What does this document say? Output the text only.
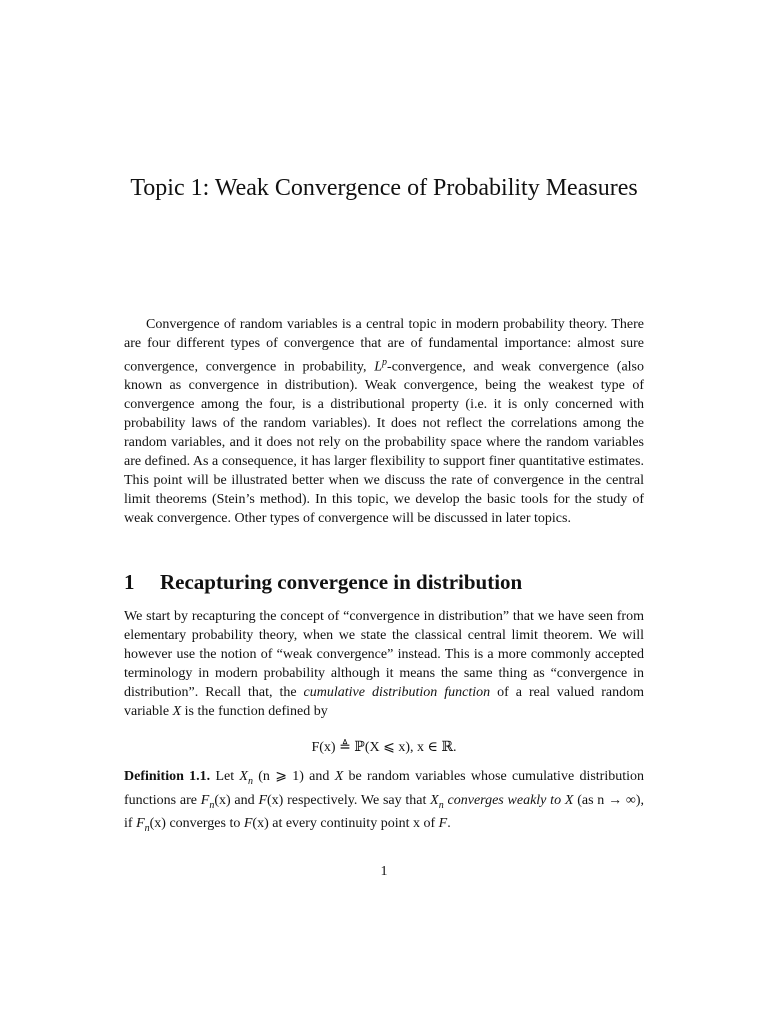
Topic 1: Weak Convergence of Probability Measures

Convergence of random variables is a central topic in modern probability theory. There are four different types of convergence that are of fundamental importance: almost sure convergence, convergence in probability, $L^p$-convergence, and weak convergence (also known as convergence in distribution). Weak convergence, being the weakest type of convergence among the four, is a distributional property (i.e. it is only concerned with probability laws of the random variables). It does not reflect the correlations among the random variables, and it does not rely on the probability space where the random variables are defined. As a consequence, it has larger flexibility to support finer quantitative estimates. This point will be illustrated better when we discuss the rate of convergence in the central limit theorems (Stein’s method). In this topic, we develop the basic tools for the study of weak convergence. Other types of convergence will be discussed in later topics.

1 Recapturing convergence in distribution

We start by recapturing the concept of “convergence in distribution” that we have seen from elementary probability theory, when we state the classical central limit theorem. We will however use the notion of “weak convergence” instead. This is a more commonly accepted terminology in modern probability although it means the same thing as “convergence in distribution”. Recall that, the cumulative distribution function of a real valued random variable X is the function defined by

F(x) ≜ ℙ(X ⩽ x), x ∈ ℝ.

Definition 1.1. Let $X_n$ (n ⩾ 1) and X be random variables whose cumulative distribution functions are $F_n(x)$ and F(x) respectively. We say that $X_n$ converges weakly to X (as n → ∞), if $F_n(x)$ converges to F(x) at every continuity point x of F.

1
